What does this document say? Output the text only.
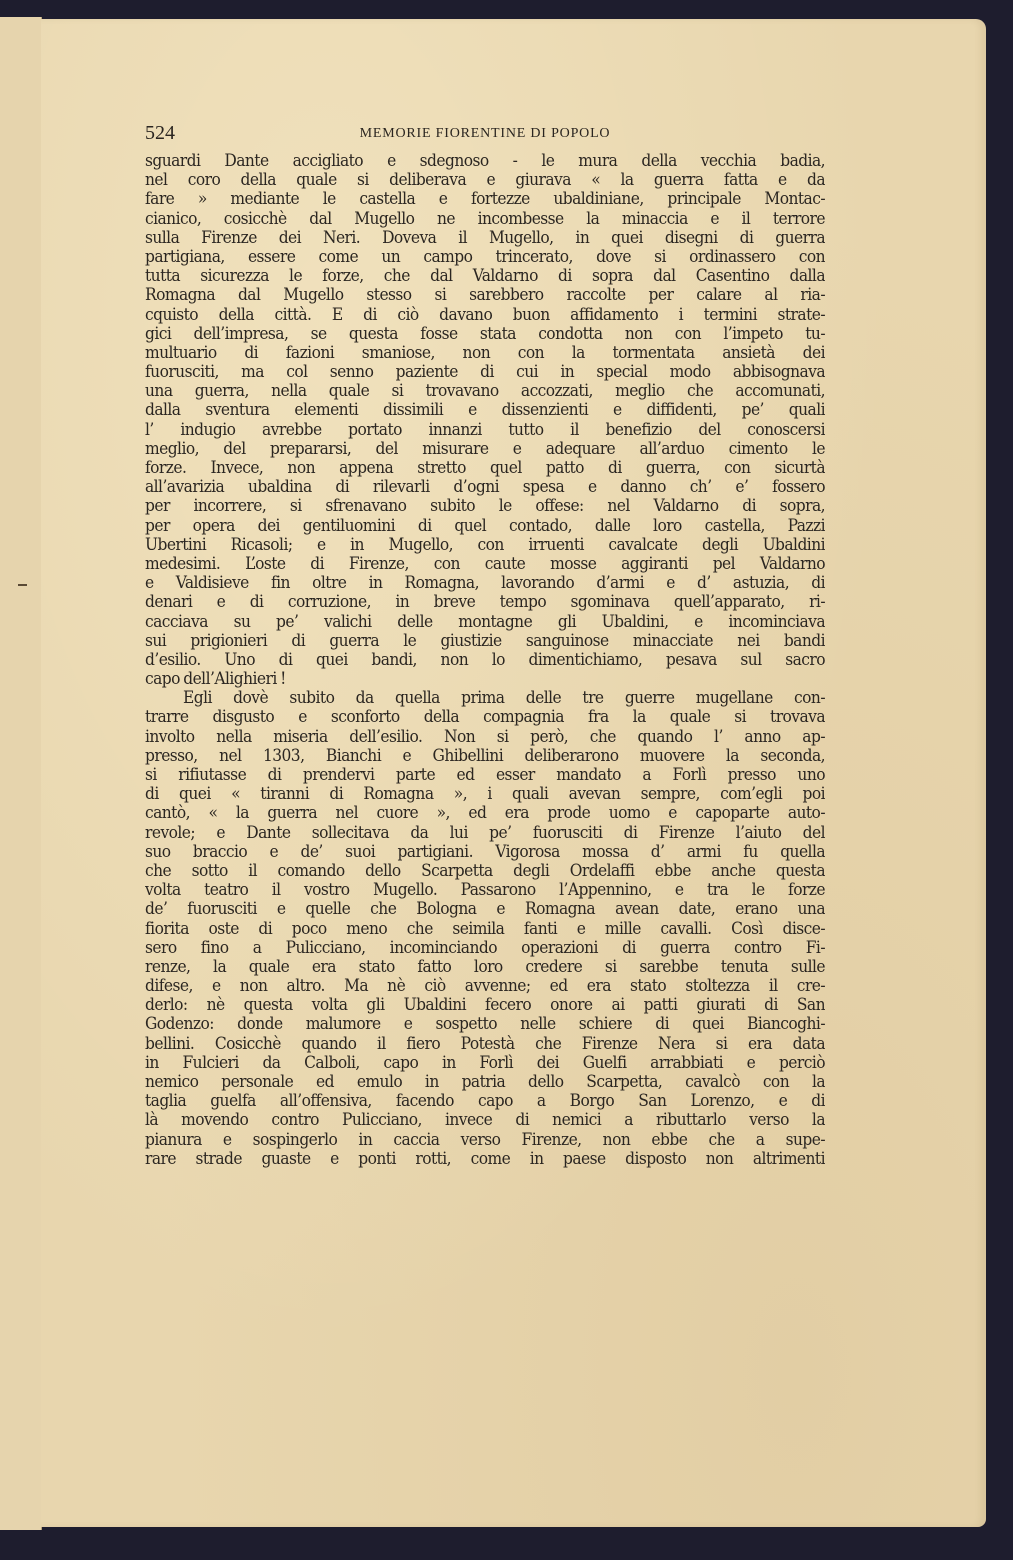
524	MEMORIE FIORENTINE DI POPOLO
sguardi Dante accigliato e sdegnoso - le mura della vecchia badia,
nel coro della quale si deliberava e giurava « la guerra fatta e da
fare » mediante le castella e fortezze ubaldiniane, principale Montac-
cianico, cosicchè dal Mugello ne incombesse la minaccia e il terrore
sulla Firenze dei Neri. Doveva il Mugello, in quei disegni di guerra
partigiana, essere come un campo trincerato, dove si ordinassero con
tutta sicurezza le forze, che dal Valdarno di sopra dal Casentino dalla
Romagna dal Mugello stesso si sarebbero raccolte per calare al ria-
cquisto della città. E di ciò davano buon affidamento i termini strate-
gici dell’impresa, se questa fosse stata condotta non con l’impeto tu-
multuario di fazioni smaniose, non con la tormentata ansietà dei
fuorusciti, ma col senno paziente di cui in special modo abbisognava
una guerra, nella quale si trovavano accozzati, meglio che accomunati,
dalla sventura elementi dissimili e dissenzienti e diffidenti, pe’ quali
l’ indugio avrebbe portato innanzi tutto il benefizio del conoscersi
meglio, del prepararsi, del misurare e adequare all’arduo cimento le
forze. Invece, non appena stretto quel patto di guerra, con sicurtà
all’avarizia ubaldina di rilevarli d’ogni spesa e danno ch’ e’ fossero
per incorrere, si sfrenavano subito le offese: nel Valdarno di sopra,
per opera dei gentiluomini di quel contado, dalle loro castella, Pazzi
Ubertini Ricasoli; e in Mugello, con irruenti cavalcate degli Ubaldini
medesimi. L’oste di Firenze, con caute mosse aggiranti pel Valdarno
e Valdisieve fin oltre in Romagna, lavorando d’armi e d’ astuzia, di
denari e di corruzione, in breve tempo sgominava quell’apparato, ri-
cacciava su pe’ valichi delle montagne gli Ubaldini, e incominciava
sui prigionieri di guerra le giustizie sanguinose minacciate nei bandi
d’esilio. Uno di quei bandi, non lo dimentichiamo, pesava sul sacro
capo dell’Alighieri !
Egli dovè subito da quella prima delle tre guerre mugellane con-
trarre disgusto e sconforto della compagnia fra la quale si trovava
involto nella miseria dell’esilio. Non si però, che quando l’ anno ap-
presso, nel 1303, Bianchi e Ghibellini deliberarono muovere la seconda,
si rifiutasse di prendervi parte ed esser mandato a Forlì presso uno
di quei « tiranni di Romagna », i quali avevan sempre, com’egli poi
cantò, « la guerra nel cuore », ed era prode uomo e capoparte auto-
revole; e Dante sollecitava da lui pe’ fuorusciti di Firenze l’aiuto del
suo braccio e de’ suoi partigiani. Vigorosa mossa d’ armi fu quella
che sotto il comando dello Scarpetta degli Ordelaffi ebbe anche questa
volta teatro il vostro Mugello. Passarono l’Appennino, e tra le forze
de’ fuorusciti e quelle che Bologna e Romagna avean date, erano una
fiorita oste di poco meno che seimila fanti e mille cavalli. Così disce-
sero fino a Pulicciano, incominciando operazioni di guerra contro Fi-
renze, la quale era stato fatto loro credere si sarebbe tenuta sulle
difese, e non altro. Ma nè ciò avvenne; ed era stato stoltezza il cre-
derlo: nè questa volta gli Ubaldini fecero onore ai patti giurati di San
Godenzo: donde malumore e sospetto nelle schiere di quei Biancoghi-
bellini. Cosicchè quando il fiero Potestà che Firenze Nera si era data
in Fulcieri da Calboli, capo in Forlì dei Guelfi arrabbiati e perciò
nemico personale ed emulo in patria dello Scarpetta, cavalcò con la
taglia guelfa all’offensiva, facendo capo a Borgo San Lorenzo, e di
là movendo contro Pulicciano, invece di nemici a ributtarlo verso la
pianura e sospingerlo in caccia verso Firenze, non ebbe che a supe-
rare strade guaste e ponti rotti, come in paese disposto non altrimenti
